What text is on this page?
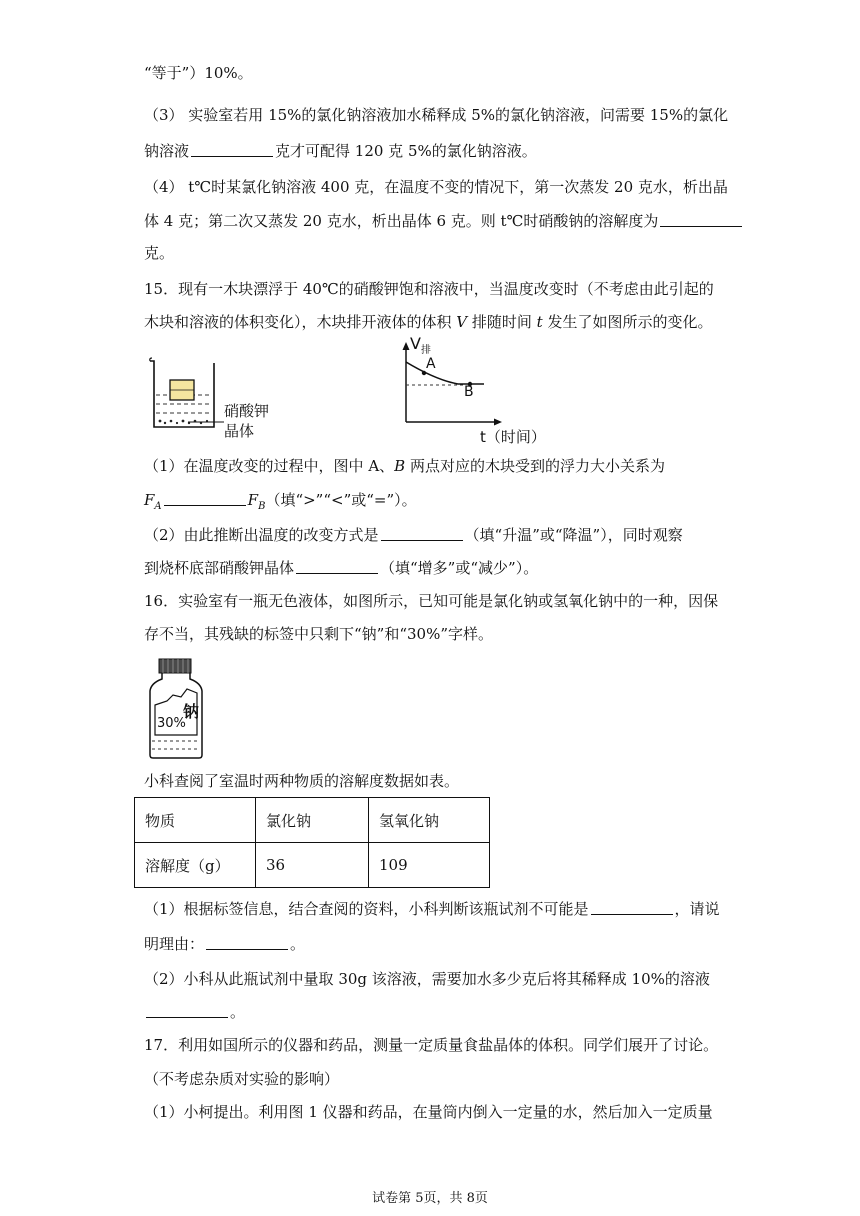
“等于”）10%。
（3） 实验室若用 15%的氯化钠溶液加水稀释成 5%的氯化钠溶液，问需要 15%的氯化
钠溶液	克才可配得 120 克 5%的氯化钠溶液。
（4） t℃时某氯化钠溶液 400 克，在温度不变的情况下，第一次蒸发 20 克水，析出晶
体 4 克；第二次又蒸发 20 克水，析出晶体 6 克。则 t℃时硝酸钠的溶解度为
克。
15．现有一木块漂浮于 40℃的硝酸钾饱和溶液中，当温度改变时（不考虑由此引起的
木块和溶液的体积变化），木块排开液体的体积 V 排随时间 t 发生了如图所示的变化。
硝酸钾
晶体
$V_排$
A
B
t（时间）
（1）在温度改变的过程中，图中 A、B 两点对应的木块受到的浮力大小关系为
$F_A$	$F_B$（填“>”“<”或“=”）。
（2）由此推断出温度的改变方式是	（填“升温”或“降温”），同时观察
到烧杯底部硝酸钾晶体	（填“增多”或“减少”）。
16．实验室有一瓶无色液体，如图所示，已知可能是氯化钠或氢氧化钠中的一种，因保
存不当，其残缺的标签中只剩下“钠”和“30%”字样。
钠
30%
小科查阅了室温时两种物质的溶解度数据如表。
物质	氯化钠	氢氧化钠
溶解度（g）	36	109
（1）根据标签信息，结合查阅的资料，小科判断该瓶试剂不可能是	，请说
明理由：	。
（2）小科从此瓶试剂中量取 30g 该溶液，需要加水多少克后将其稀释成 10%的溶液
。
17．利用如国所示的仪器和药品，测量一定质量食盐晶体的体积。同学们展开了讨论。
（不考虑杂质对实验的影响）
（1）小柯提出。利用图 1 仪器和药品，在量筒内倒入一定量的水，然后加入一定质量
试卷第 5页，共 8页
